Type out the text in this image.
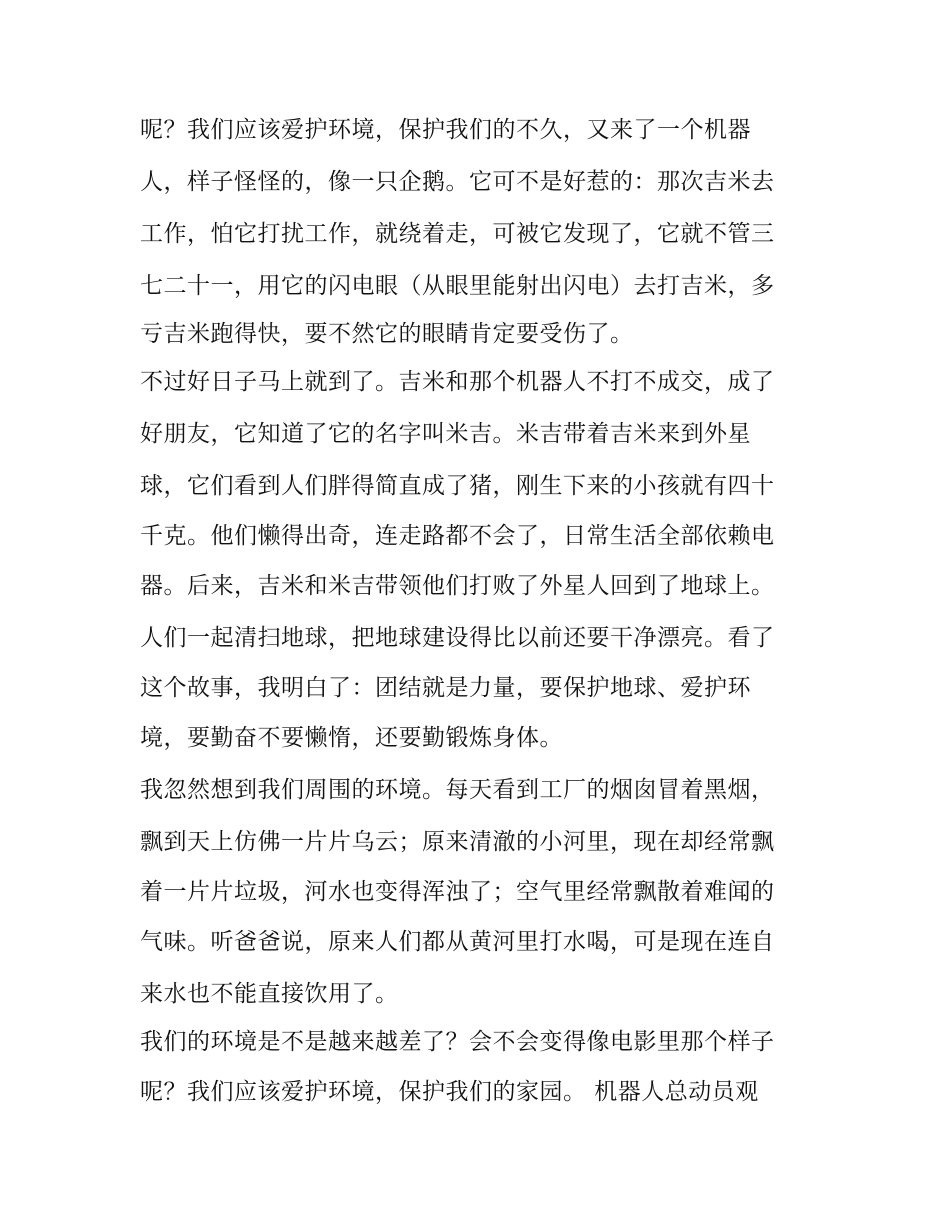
呢？我们应该爱护环境，保护我们的不久，又来了一个机器
人，样子怪怪的，像一只企鹅。它可不是好惹的：那次吉米去
工作，怕它打扰工作，就绕着走，可被它发现了，它就不管三
七二十一，用它的闪电眼（从眼里能射出闪电）去打吉米，多
亏吉米跑得快，要不然它的眼睛肯定要受伤了。
不过好日子马上就到了。吉米和那个机器人不打不成交，成了
好朋友，它知道了它的名字叫米吉。米吉带着吉米来到外星
球，它们看到人们胖得简直成了猪，刚生下来的小孩就有四十
千克。他们懒得出奇，连走路都不会了，日常生活全部依赖电
器。后来，吉米和米吉带领他们打败了外星人回到了地球上。
人们一起清扫地球，把地球建设得比以前还要干净漂亮。看了
这个故事，我明白了：团结就是力量，要保护地球、爱护环
境，要勤奋不要懒惰，还要勤锻炼身体。
我忽然想到我们周围的环境。每天看到工厂的烟囱冒着黑烟，
飘到天上仿佛一片片乌云；原来清澈的小河里，现在却经常飘
着一片片垃圾，河水也变得浑浊了；空气里经常飘散着难闻的
气味。听爸爸说，原来人们都从黄河里打水喝，可是现在连自
来水也不能直接饮用了。
我们的环境是不是越来越差了？会不会变得像电影里那个样子
呢？我们应该爱护环境，保护我们的家园。 机器人总动员观
